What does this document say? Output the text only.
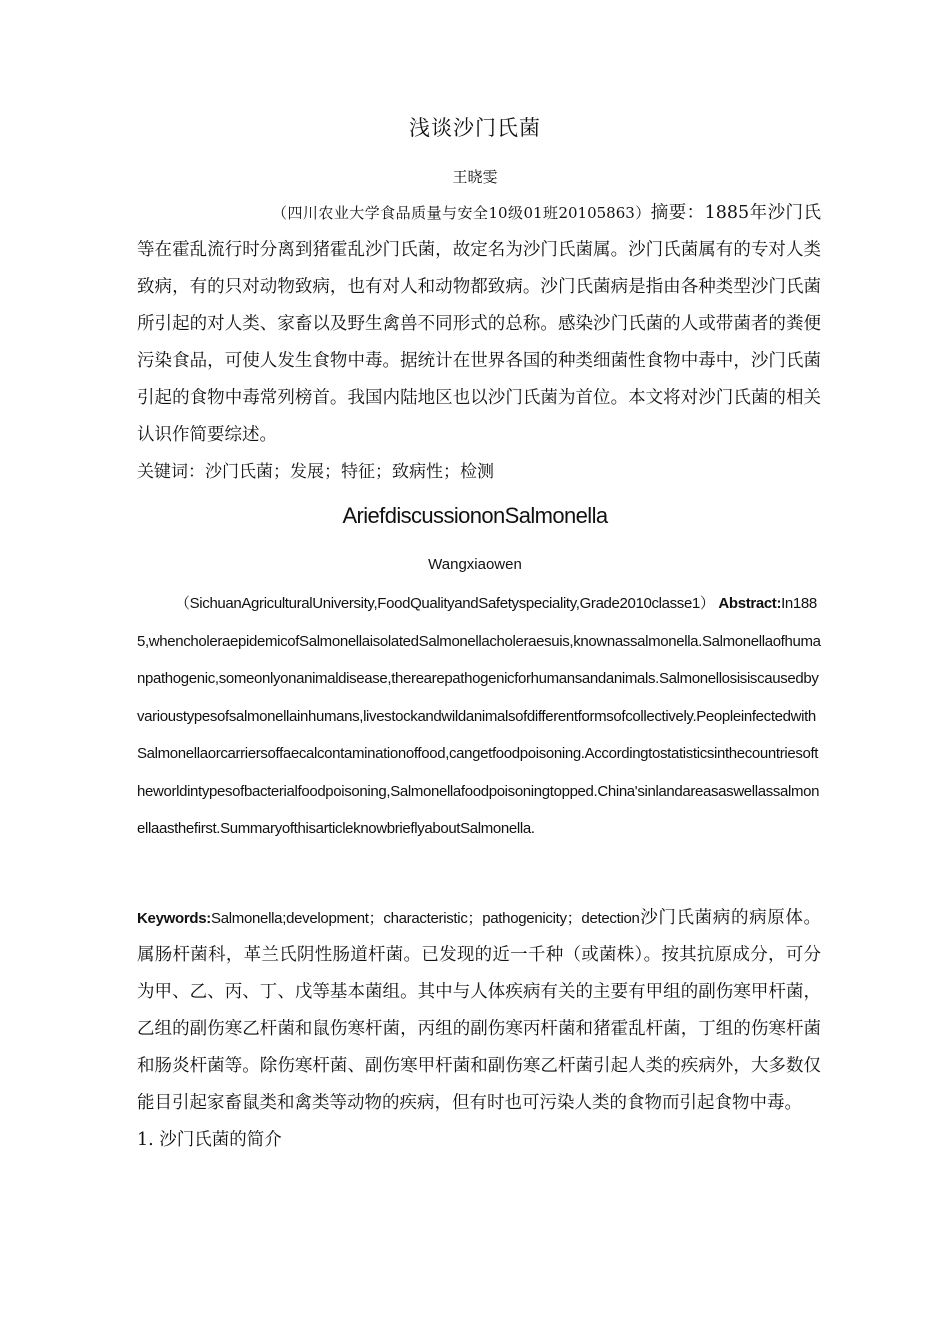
浅谈沙门氏菌
王晓雯

（四川农业大学食品质量与安全10级01班20105863）摘要：1885年沙门氏等在霍乱流行时分离到猪霍乱沙门氏菌，故定名为沙门氏菌属。沙门氏菌属有的专对人类致病，有的只对动物致病，也有对人和动物都致病。沙门氏菌病是指由各种类型沙门氏菌所引起的对人类、家畜以及野生禽兽不同形式的总称。感染沙门氏菌的人或带菌者的粪便污染食品，可使人发生食物中毒。据统计在世界各国的种类细菌性食物中毒中，沙门氏菌引起的食物中毒常列榜首。我国内陆地区也以沙门氏菌为首位。本文将对沙门氏菌的相关认识作简要综述。

关键词：沙门氏菌；发展；特征；致病性；检测
AriefdiscussiononSalmonella
Wangxiaowen

（SichuanAgriculturalUniversity,FoodQualityandSafetyspeciality,Grade2010classe1） Abstract:In1885,whencholeraepidemicofSalmonellaisolatedSalmonellacholeraesuis,knownassalmonella.Salmonellaofhumanpathogenic,someonlyonanimaldisease,therearepathogenicforhumansandanimals.Salmonellosisiscausedbyvarioustypesofsalmonellainhumans,livestockandwildanimalsofdifferentformsofcollectively.PeopleinfectedwithSalmonellaorcarriersoffaecalcontaminationoffood,cangetfoodpoisoning.Accordingtostatisticsinthecountriesoftheworldintypesofbacterialfoodpoisoning,Salmonellafoodpoisoningtopped.China'sinlandareasaswellassalmonellaasthefirst.SummaryofthisarticleknowbrieflyaboutSalmonella.

Keywords:Salmonella;development；characteristic；pathogenicity；detection沙门氏菌病的病原体。属肠杆菌科，革兰氏阴性肠道杆菌。已发现的近一千种（或菌株）。按其抗原成分，可分为甲、乙、丙、丁、戊等基本菌组。其中与人体疾病有关的主要有甲组的副伤寒甲杆菌，乙组的副伤寒乙杆菌和鼠伤寒杆菌，丙组的副伤寒丙杆菌和猪霍乱杆菌，丁组的伤寒杆菌和肠炎杆菌等。除伤寒杆菌、副伤寒甲杆菌和副伤寒乙杆菌引起人类的疾病外，大多数仅能目引起家畜鼠类和禽类等动物的疾病，但有时也可污染人类的食物而引起食物中毒。

1. 沙门氏菌的简介
